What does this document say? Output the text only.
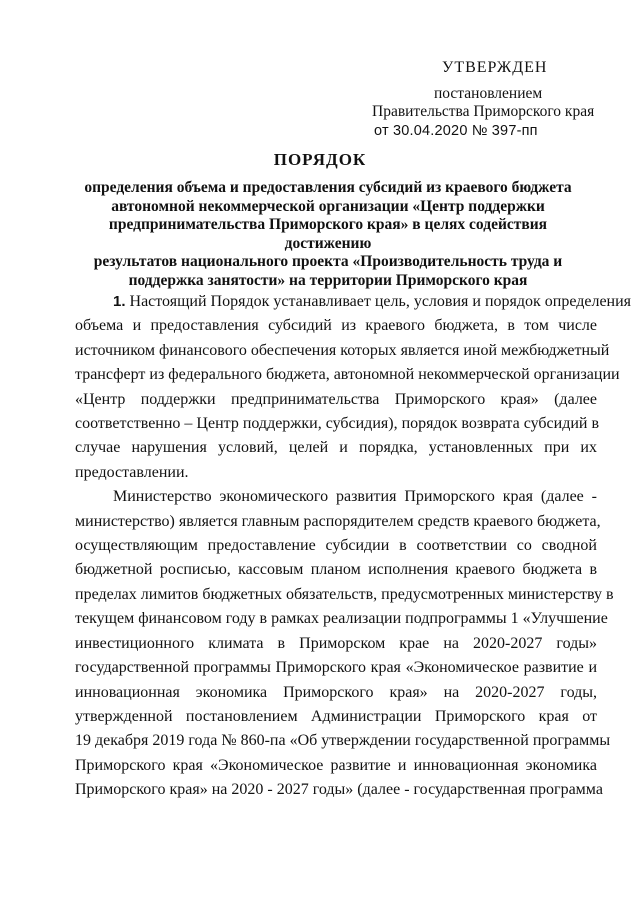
УТВЕРЖДЕН
постановлением
Правительства Приморского края
от 30.04.2020 № 397-пп
ПОРЯДОК
определения объема и предоставления субсидий из краевого бюджета
автономной некоммерческой организации «Центр поддержки
предпринимательства Приморского края» в целях содействия достижению
результатов национального проекта «Производительность труда и
поддержка занятости» на территории Приморского края
1. Настоящий Порядок устанавливает цель, условия и порядок определения
объема и предоставления субсидий из краевого бюджета, в том числе
источником финансового обеспечения которых является иной межбюджетный
трансферт из федерального бюджета, автономной некоммерческой организации
«Центр поддержки предпринимательства Приморского края» (далее
соответственно – Центр поддержки, субсидия), порядок возврата субсидий в
случае нарушения условий, целей и порядка, установленных при их
предоставлении.
Министерство экономического развития Приморского края (далее -
министерство) является главным распорядителем средств краевого бюджета,
осуществляющим предоставление субсидии в соответствии со сводной
бюджетной росписью, кассовым планом исполнения краевого бюджета в
пределах лимитов бюджетных обязательств, предусмотренных министерству в
текущем финансовом году в рамках реализации подпрограммы 1 «Улучшение
инвестиционного климата в Приморском крае на 2020-2027 годы»
государственной программы Приморского края «Экономическое развитие и
инновационная экономика Приморского края» на 2020-2027 годы,
утвержденной постановлением Администрации Приморского края от
19 декабря 2019 года № 860-па «Об утверждении государственной программы
Приморского края «Экономическое развитие и инновационная экономика
Приморского края» на 2020 - 2027 годы» (далее - государственная программа
